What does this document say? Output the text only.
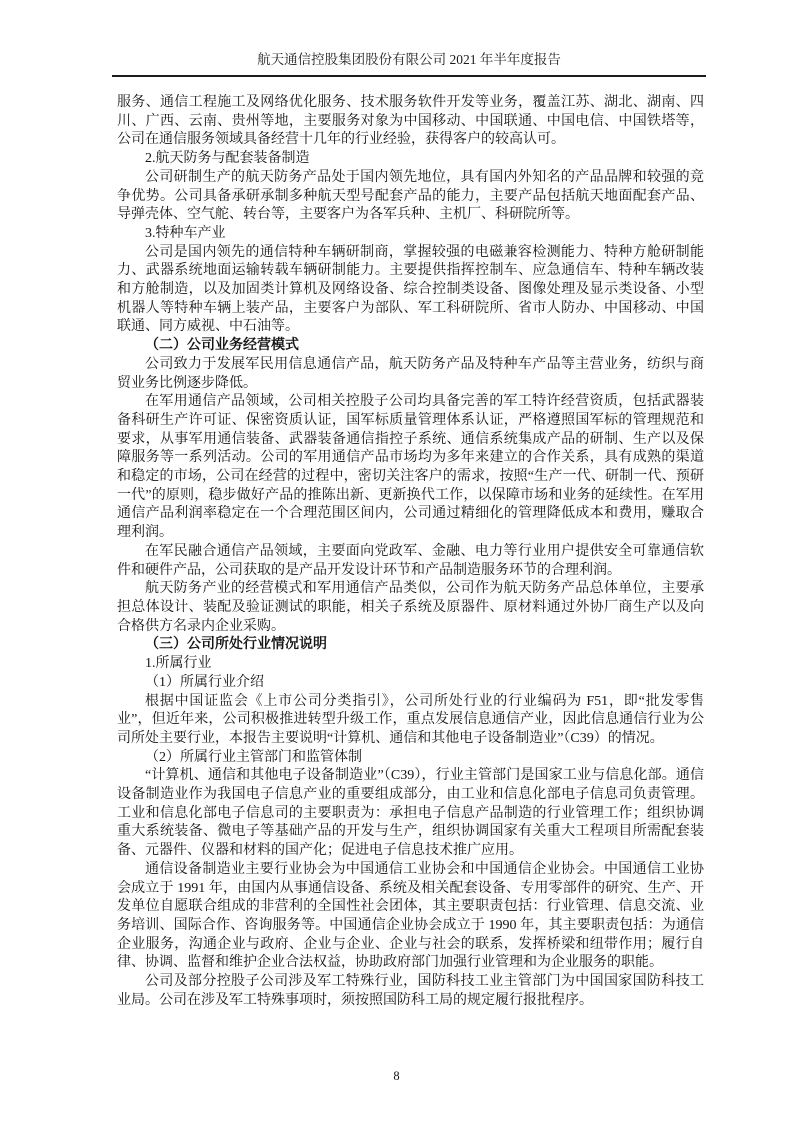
航天通信控股集团股份有限公司 2021 年半年度报告

服务、通信工程施工及网络优化服务、技术服务软件开发等业务，覆盖江苏、湖北、湖南、四川、广西、云南、贵州等地，主要服务对象为中国移动、中国联通、中国电信、中国铁塔等，公司在通信服务领域具备经营十几年的行业经验，获得客户的较高认可。

2.航天防务与配套装备制造

公司研制生产的航天防务产品处于国内领先地位，具有国内外知名的产品品牌和较强的竞争优势。公司具备承研承制多种航天型号配套产品的能力，主要产品包括航天地面配套产品、导弹壳体、空气舵、转台等，主要客户为各军兵种、主机厂、科研院所等。

3.特种车产业

公司是国内领先的通信特种车辆研制商，掌握较强的电磁兼容检测能力、特种方舱研制能力、武器系统地面运输转载车辆研制能力。主要提供指挥控制车、应急通信车、特种车辆改装和方舱制造，以及加固类计算机及网络设备、综合控制类设备、图像处理及显示类设备、小型机器人等特种车辆上装产品，主要客户为部队、军工科研院所、省市人防办、中国移动、中国联通、同方威视、中石油等。

（二）公司业务经营模式

公司致力于发展军民用信息通信产品，航天防务产品及特种车产品等主营业务，纺织与商贸业务比例逐步降低。

在军用通信产品领域，公司相关控股子公司均具备完善的军工特许经营资质，包括武器装备科研生产许可证、保密资质认证，国军标质量管理体系认证，严格遵照国军标的管理规范和要求，从事军用通信装备、武器装备通信指控子系统、通信系统集成产品的研制、生产以及保障服务等一系列活动。公司的军用通信产品市场均为多年来建立的合作关系，具有成熟的渠道和稳定的市场，公司在经营的过程中，密切关注客户的需求，按照“生产一代、研制一代、预研一代”的原则，稳步做好产品的推陈出新、更新换代工作，以保障市场和业务的延续性。在军用通信产品利润率稳定在一个合理范围区间内，公司通过精细化的管理降低成本和费用，赚取合理利润。

在军民融合通信产品领域，主要面向党政军、金融、电力等行业用户提供安全可靠通信软件和硬件产品，公司获取的是产品开发设计环节和产品制造服务环节的合理利润。

航天防务产业的经营模式和军用通信产品类似，公司作为航天防务产品总体单位，主要承担总体设计、装配及验证测试的职能，相关子系统及原器件、原材料通过外协厂商生产以及向合格供方名录内企业采购。

（三）公司所处行业情况说明

1.所属行业

（1）所属行业介绍

根据中国证监会《上市公司分类指引》，公司所处行业的行业编码为 F51，即“批发零售业”，但近年来，公司积极推进转型升级工作，重点发展信息通信产业，因此信息通信行业为公司所处主要行业，本报告主要说明“计算机、通信和其他电子设备制造业”（C39）的情况。

（2）所属行业主管部门和监管体制

“计算机、通信和其他电子设备制造业”（C39），行业主管部门是国家工业与信息化部。通信设备制造业作为我国电子信息产业的重要组成部分，由工业和信息化部电子信息司负责管理。工业和信息化部电子信息司的主要职责为：承担电子信息产品制造的行业管理工作；组织协调重大系统装备、微电子等基础产品的开发与生产，组织协调国家有关重大工程项目所需配套装备、元器件、仪器和材料的国产化；促进电子信息技术推广应用。

通信设备制造业主要行业协会为中国通信工业协会和中国通信企业协会。中国通信工业协会成立于 1991 年，由国内从事通信设备、系统及相关配套设备、专用零部件的研究、生产、开发单位自愿联合组成的非营利的全国性社会团体，其主要职责包括：行业管理、信息交流、业务培训、国际合作、咨询服务等。中国通信企业协会成立于 1990 年，其主要职责包括：为通信企业服务，沟通企业与政府、企业与企业、企业与社会的联系，发挥桥梁和纽带作用；履行自律、协调、监督和维护企业合法权益，协助政府部门加强行业管理和为企业服务的职能。

公司及部分控股子公司涉及军工特殊行业，国防科技工业主管部门为中国国家国防科技工业局。公司在涉及军工特殊事项时，须按照国防科工局的规定履行报批程序。

8
